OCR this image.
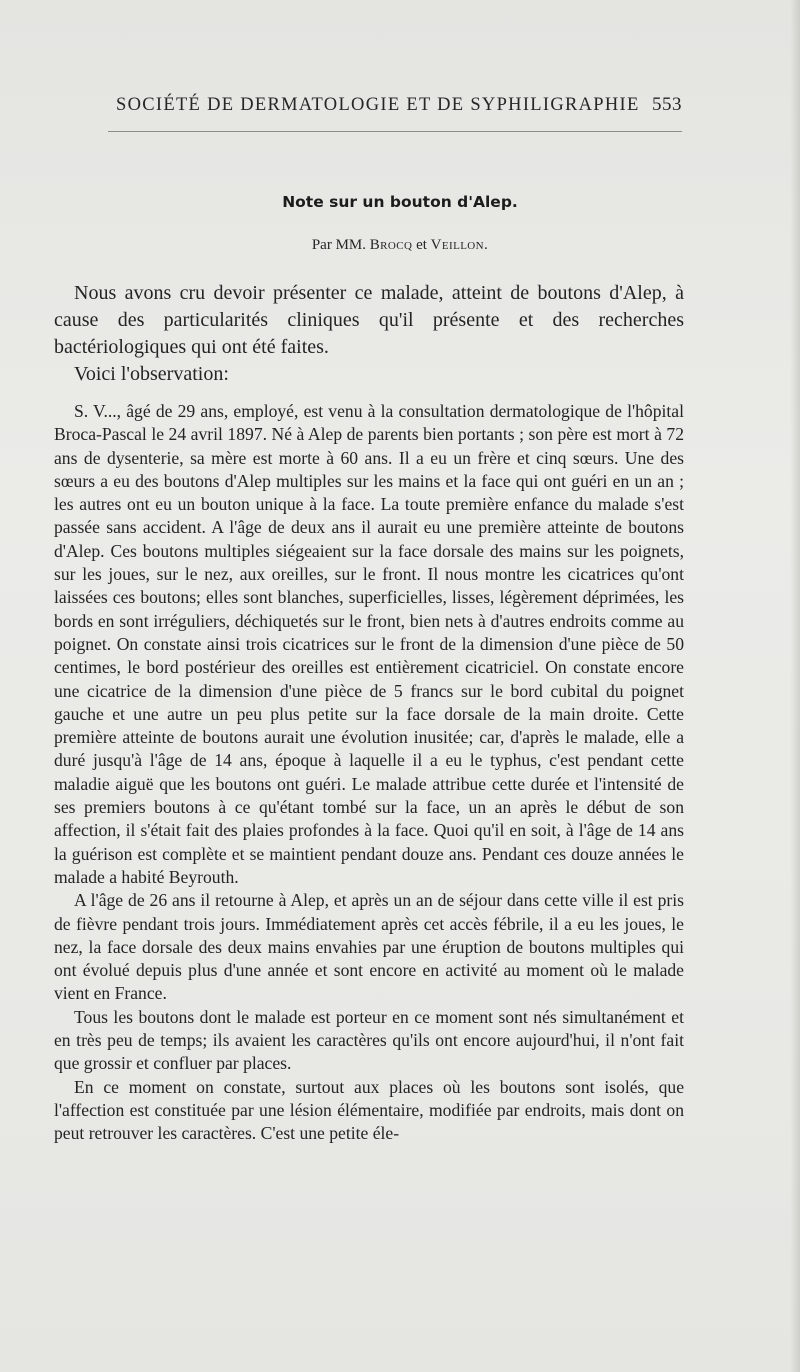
SOCIÉTÉ DE DERMATOLOGIE ET DE SYPHILIGRAPHIE 553
Note sur un bouton d'Alep.
Par MM. Brocq et Veillon.

Nous avons cru devoir présenter ce malade, atteint de boutons d'Alep, à cause des particularités cliniques qu'il présente et des recherches bactériologiques qui ont été faites.

Voici l'observation:

S. V..., âgé de 29 ans, employé, est venu à la consultation dermatologique de l'hôpital Broca-Pascal le 24 avril 1897. Né à Alep de parents bien portants ; son père est mort à 72 ans de dysenterie, sa mère est morte à 60 ans. Il a eu un frère et cinq sœurs. Une des sœurs a eu des boutons d'Alep multiples sur les mains et la face qui ont guéri en un an ; les autres ont eu un bouton unique à la face. La toute première enfance du malade s'est passée sans accident. A l'âge de deux ans il aurait eu une première atteinte de boutons d'Alep. Ces boutons multiples siégeaient sur la face dorsale des mains sur les poignets, sur les joues, sur le nez, aux oreilles, sur le front. Il nous montre les cicatrices qu'ont laissées ces boutons; elles sont blanches, superficielles, lisses, légèrement déprimées, les bords en sont irréguliers, déchiquetés sur le front, bien nets à d'autres endroits comme au poignet. On constate ainsi trois cicatrices sur le front de la dimension d'une pièce de 50 centimes, le bord postérieur des oreilles est entièrement cicatriciel. On constate encore une cicatrice de la dimension d'une pièce de 5 francs sur le bord cubital du poignet gauche et une autre un peu plus petite sur la face dorsale de la main droite. Cette première atteinte de boutons aurait une évolution inusitée; car, d'après le malade, elle a duré jusqu'à l'âge de 14 ans, époque à laquelle il a eu le typhus, c'est pendant cette maladie aiguë que les boutons ont guéri. Le malade attribue cette durée et l'intensité de ses premiers boutons à ce qu'étant tombé sur la face, un an après le début de son affection, il s'était fait des plaies profondes à la face. Quoi qu'il en soit, à l'âge de 14 ans la guérison est complète et se maintient pendant douze ans. Pendant ces douze années le malade a habité Beyrouth.

A l'âge de 26 ans il retourne à Alep, et après un an de séjour dans cette ville il est pris de fièvre pendant trois jours. Immédiatement après cet accès fébrile, il a eu les joues, le nez, la face dorsale des deux mains envahies par une éruption de boutons multiples qui ont évolué depuis plus d'une année et sont encore en activité au moment où le malade vient en France.

Tous les boutons dont le malade est porteur en ce moment sont nés simultanément et en très peu de temps; ils avaient les caractères qu'ils ont encore aujourd'hui, il n'ont fait que grossir et confluer par places.

En ce moment on constate, surtout aux places où les boutons sont isolés, que l'affection est constituée par une lésion élémentaire, modifiée par endroits, mais dont on peut retrouver les caractères. C'est une petite éle-
